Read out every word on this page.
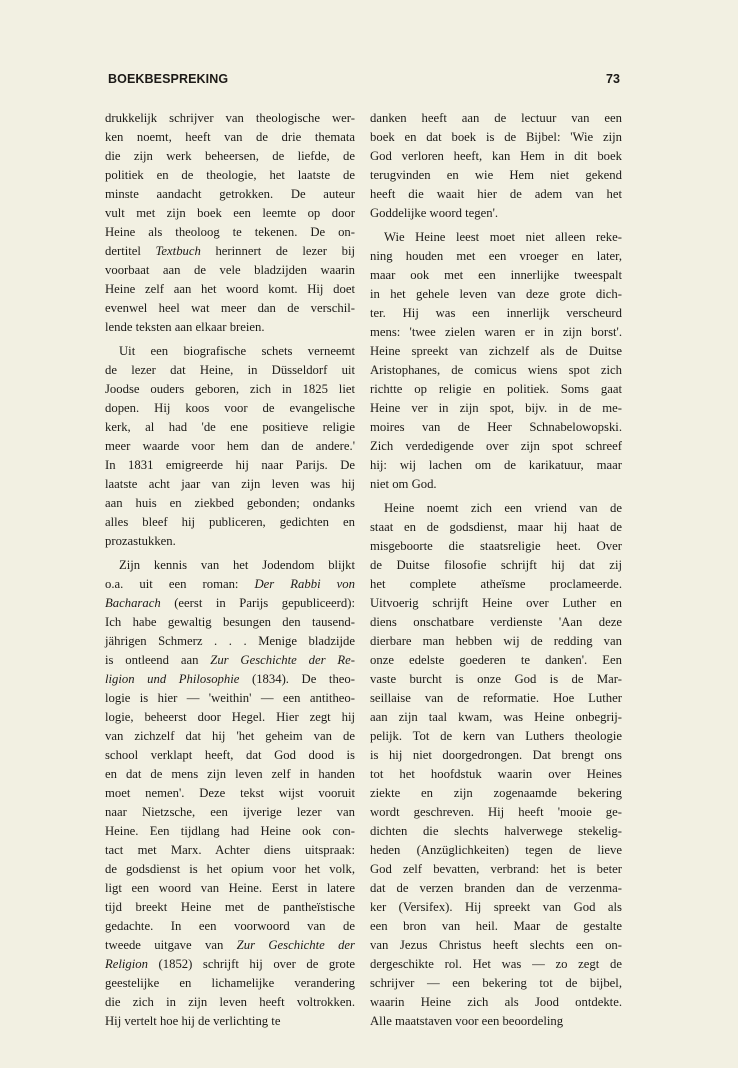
BOEKBESPREKING	73
drukkelijk schrijver van theologische wer-
ken noemt, heeft van de drie themata
die zijn werk beheersen, de liefde, de
politiek en de theologie, het laatste de
minste aandacht getrokken. De auteur
vult met zijn boek een leemte op door
Heine als theoloog te tekenen. De on-
dertitel Textbuch herinnert de lezer bij
voorbaat aan de vele bladzijden waarin
Heine zelf aan het woord komt. Hij doet
evenwel heel wat meer dan de verschil-
lende teksten aan elkaar breien.
Uit een biografische schets verneemt
de lezer dat Heine, in Düsseldorf uit
Joodse ouders geboren, zich in 1825 liet
dopen. Hij koos voor de evangelische
kerk, al had 'de ene positieve religie
meer waarde voor hem dan de andere.'
In 1831 emigreerde hij naar Parijs. De
laatste acht jaar van zijn leven was hij
aan huis en ziekbed gebonden; ondanks
alles bleef hij publiceren, gedichten en
prozastukken.
Zijn kennis van het Jodendom blijkt
o.a. uit een roman: Der Rabbi von
Bacharach (eerst in Parijs gepubliceerd):
Ich habe gewaltig besungen den tausend-
jährigen Schmerz . . . Menige bladzijde
is ontleend aan Zur Geschichte der Re-
ligion und Philosophie (1834). De theo-
logie is hier — 'weithin' — een antitheo-
logie, beheerst door Hegel. Hier zegt hij
van zichzelf dat hij 'het geheim van de
school verklapt heeft, dat God dood is
en dat de mens zijn leven zelf in handen
moet nemen'. Deze tekst wijst vooruit
naar Nietzsche, een ijverige lezer van
Heine. Een tijdlang had Heine ook con-
tact met Marx. Achter diens uitspraak:
de godsdienst is het opium voor het volk,
ligt een woord van Heine. Eerst in latere
tijd breekt Heine met de pantheïstische
gedachte. In een voorwoord van de
tweede uitgave van Zur Geschichte der
Religion (1852) schrijft hij over de grote
geestelijke en lichamelijke verandering
die zich in zijn leven heeft voltrokken.
Hij vertelt hoe hij de verlichting te
danken heeft aan de lectuur van een
boek en dat boek is de Bijbel: 'Wie zijn
God verloren heeft, kan Hem in dit boek
terugvinden en wie Hem niet gekend
heeft die waait hier de adem van het
Goddelijke woord tegen'.
Wie Heine leest moet niet alleen reke-
ning houden met een vroeger en later,
maar ook met een innerlijke tweespalt
in het gehele leven van deze grote dich-
ter. Hij was een innerlijk verscheurd
mens: 'twee zielen waren er in zijn borst'.
Heine spreekt van zichzelf als de Duitse
Aristophanes, de comicus wiens spot zich
richtte op religie en politiek. Soms gaat
Heine ver in zijn spot, bijv. in de me-
moires van de Heer Schnabelowopski.
Zich verdedigende over zijn spot schreef
hij: wij lachen om de karikatuur, maar
niet om God.
Heine noemt zich een vriend van de
staat en de godsdienst, maar hij haat de
misgeboorte die staatsreligie heet. Over
de Duitse filosofie schrijft hij dat zij
het complete atheïsme proclameerde.
Uitvoerig schrijft Heine over Luther en
diens onschatbare verdienste 'Aan deze
dierbare man hebben wij de redding van
onze edelste goederen te danken'. Een
vaste burcht is onze God is de Mar-
seillaise van de reformatie. Hoe Luther
aan zijn taal kwam, was Heine onbegrij-
pelijk. Tot de kern van Luthers theologie
is hij niet doorgedrongen. Dat brengt ons
tot het hoofdstuk waarin over Heines
ziekte en zijn zogenaamde bekering
wordt geschreven. Hij heeft 'mooie ge-
dichten die slechts halverwege stekelig-
heden (Anzüglichkeiten) tegen de lieve
God zelf bevatten, verbrand: het is beter
dat de verzen branden dan de verzenma-
ker (Versifex). Hij spreekt van God als
een bron van heil. Maar de gestalte
van Jezus Christus heeft slechts een on-
dergeschikte rol. Het was — zo zegt de
schrijver — een bekering tot de bijbel,
waarin Heine zich als Jood ontdekte.
Alle maatstaven voor een beoordeling
